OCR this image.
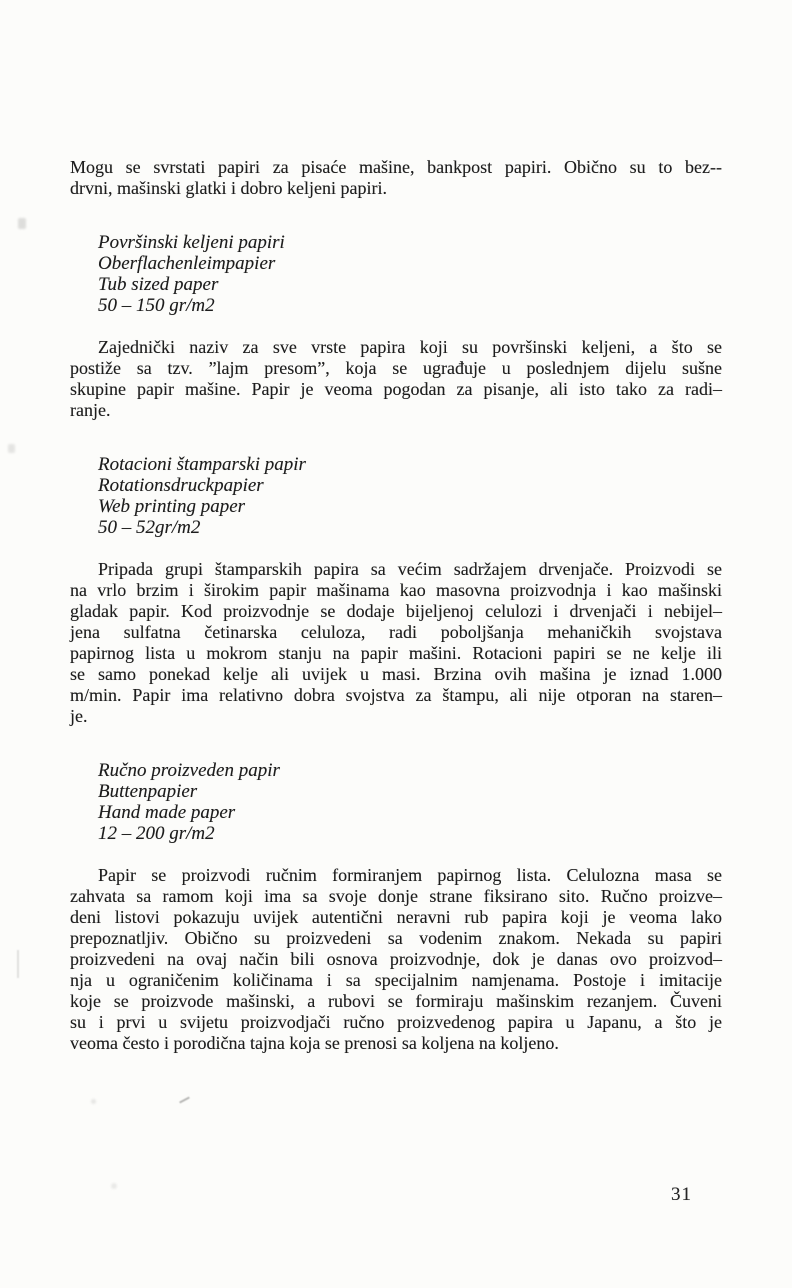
Mogu se svrstati papiri za pisaće mašine, bankpost papiri. Obično su to bez--
drvni, mašinski glatki i dobro keljeni papiri.
Površinski keljeni papiri
Oberflachenleimpapier
Tub sized paper
50 – 150 gr/m2
Zajednički naziv za sve vrste papira koji su površinski keljeni, a što se
postiže sa tzv. ”lajm presom”, koja se ugrađuje u poslednjem dijelu sušne
skupine papir mašine. Papir je veoma pogodan za pisanje, ali isto tako za radi–
ranje.
Rotacioni štamparski papir
Rotationsdruckpapier
Web printing paper
50 – 52gr/m2
Pripada grupi štamparskih papira sa većim sadržajem drvenjače. Proizvodi se
na vrlo brzim i širokim papir mašinama kao masovna proizvodnja i kao mašinski
gladak papir. Kod proizvodnje se dodaje bijeljenoj celulozi i drvenjači i nebijel–
jena sulfatna četinarska celuloza, radi poboljšanja mehaničkih svojstava
papirnog lista u mokrom stanju na papir mašini. Rotacioni papiri se ne kelje ili
se samo ponekad kelje ali uvijek u masi. Brzina ovih mašina je iznad 1.000
m/min. Papir ima relativno dobra svojstva za štampu, ali nije otporan na staren–
je.
Ručno proizveden papir
Buttenpapier
Hand made paper
12 – 200 gr/m2
Papir se proizvodi ručnim formiranjem papirnog lista. Celulozna masa se
zahvata sa ramom koji ima sa svoje donje strane fiksirano sito. Ručno proizve–
deni listovi pokazuju uvijek autentični neravni rub papira koji je veoma lako
prepoznatljiv. Obično su proizvedeni sa vodenim znakom. Nekada su papiri
proizvedeni na ovaj način bili osnova proizvodnje, dok je danas ovo proizvod–
nja u ograničenim količinama i sa specijalnim namjenama. Postoje i imitacije
koje se proizvode mašinski, a rubovi se formiraju mašinskim rezanjem. Čuveni
su i prvi u svijetu proizvodjači ručno proizvedenog papira u Japanu, a što je
veoma često i porodična tajna koja se prenosi sa koljena na koljeno.
31
